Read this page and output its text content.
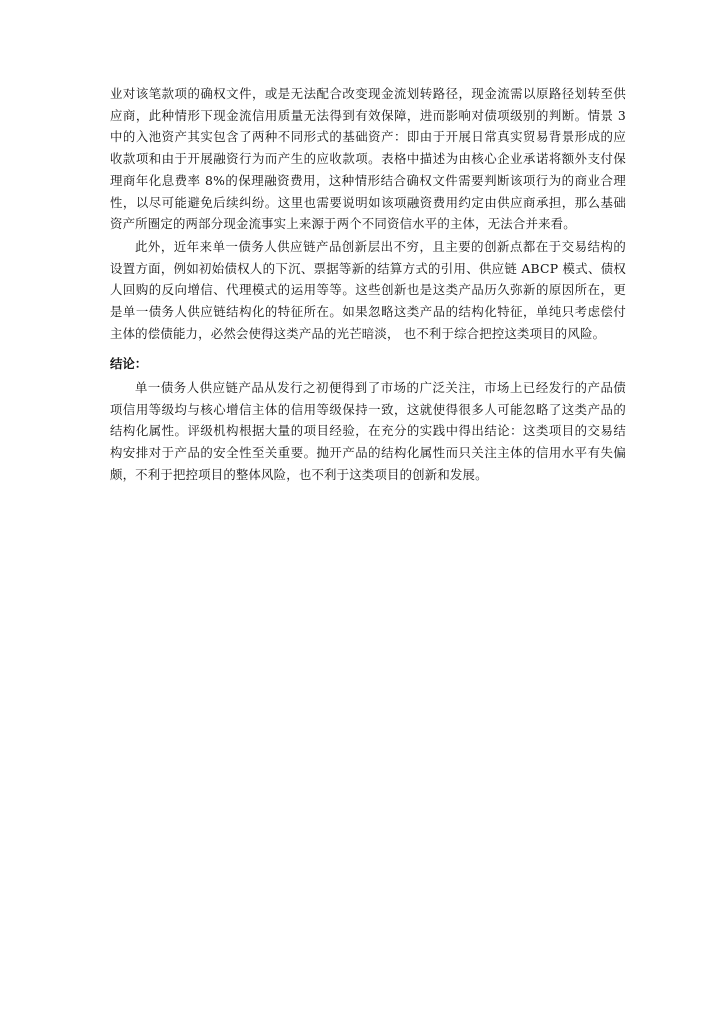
业对该笔款项的确权文件，或是无法配合改变现金流划转路径，现金流需以原路径划转至供应商，此种情形下现金流信用质量无法得到有效保障，进而影响对债项级别的判断。情景 3 中的入池资产其实包含了两种不同形式的基础资产：即由于开展日常真实贸易背景形成的应收款项和由于开展融资行为而产生的应收款项。表格中描述为由核心企业承诺将额外支付保理商年化息费率 8%的保理融资费用，这种情形结合确权文件需要判断该项行为的商业合理性，以尽可能避免后续纠纷。这里也需要说明如该项融资费用约定由供应商承担，那么基础资产所圈定的两部分现金流事实上来源于两个不同资信水平的主体，无法合并来看。
此外，近年来单一债务人供应链产品创新层出不穷，且主要的创新点都在于交易结构的设置方面，例如初始债权人的下沉、票据等新的结算方式的引用、供应链 ABCP 模式、债权人回购的反向增信、代理模式的运用等等。这些创新也是这类产品历久弥新的原因所在，更是单一债务人供应链结构化的特征所在。如果忽略这类产品的结构化特征，单纯只考虑偿付主体的偿债能力，必然会使得这类产品的光芒暗淡， 也不利于综合把控这类项目的风险。
结论：
单一债务人供应链产品从发行之初便得到了市场的广泛关注，市场上已经发行的产品债项信用等级均与核心增信主体的信用等级保持一致，这就使得很多人可能忽略了这类产品的结构化属性。评级机构根据大量的项目经验，在充分的实践中得出结论：这类项目的交易结构安排对于产品的安全性至关重要。抛开产品的结构化属性而只关注主体的信用水平有失偏颇，不利于把控项目的整体风险，也不利于这类项目的创新和发展。
